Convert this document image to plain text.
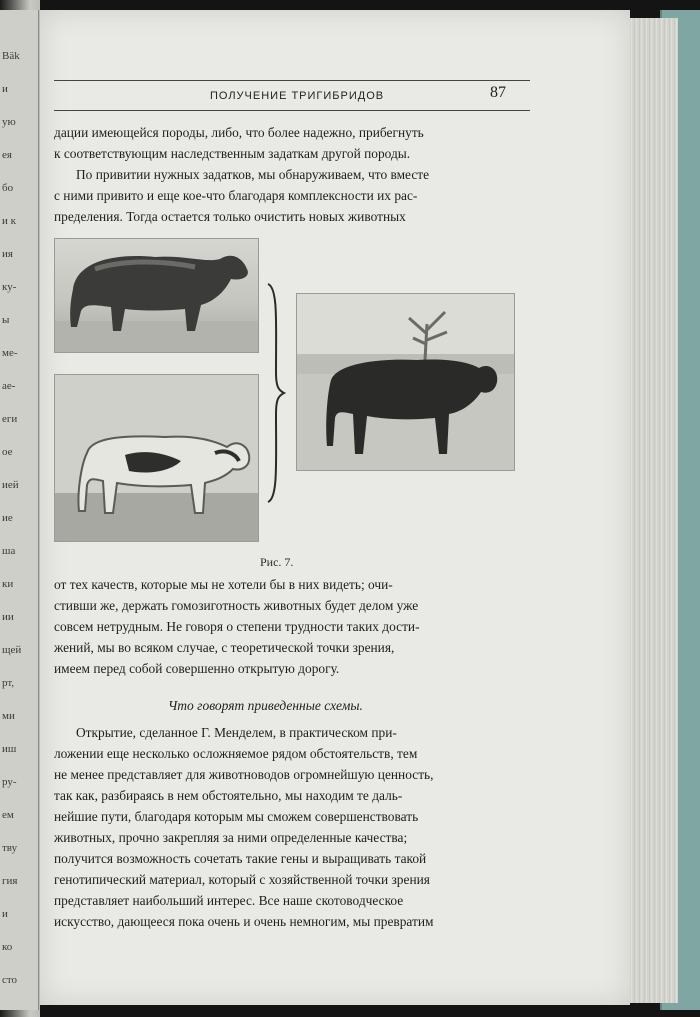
Bäk
и
ую
ея
бо
и к
ия
ку-
ы
ме-
ае-
еги
ое
ией
ие
ша
ки
ии
щей
рт,
ми
иш
ру-
ем
тву
гия
и
ко
сто
ПОЛУЧЕНИЕ ТРИГИБРИДОВ	87

дации имеющейся породы, либо, что более надежно, прибегнуть

к соответствующим наследственным задаткам другой породы.

По привитии нужных задатков, мы обнаруживаем, что вместе

с ними привито и еще кое-что благодаря комплексности их рас-

пределения. Тогда остается только очистить новых животных

Рис. 7.

от тех качеств, которые мы не хотели бы в них видеть; очи-

стивши же, держать гомозиготность животных будет делом уже

совсем нетрудным. Не говоря о степени трудности таких дости-

жений, мы во всяком случае, с теоретической точки зрения,

имеем перед собой совершенно открытую дорогу.

Что говорят приведенные схемы.

Открытие, сделанное Г. Менделем, в практическом при-

ложении еще несколько осложняемое рядом обстоятельств, тем

не менее представляет для животноводов огромнейшую ценность,

так как, разбираясь в нем обстоятельно, мы находим те даль-

нейшие пути, благодаря которым мы сможем совершенствовать

животных, прочно закрепляя за ними определенные качества;

получится возможность сочетать такие гены и выращивать такой

генотипический материал, который с хозяйственной точки зрения

представляет наибольший интерес. Все наше скотоводческое

искусство, дающееся пока очень и очень немногим, мы превратим
